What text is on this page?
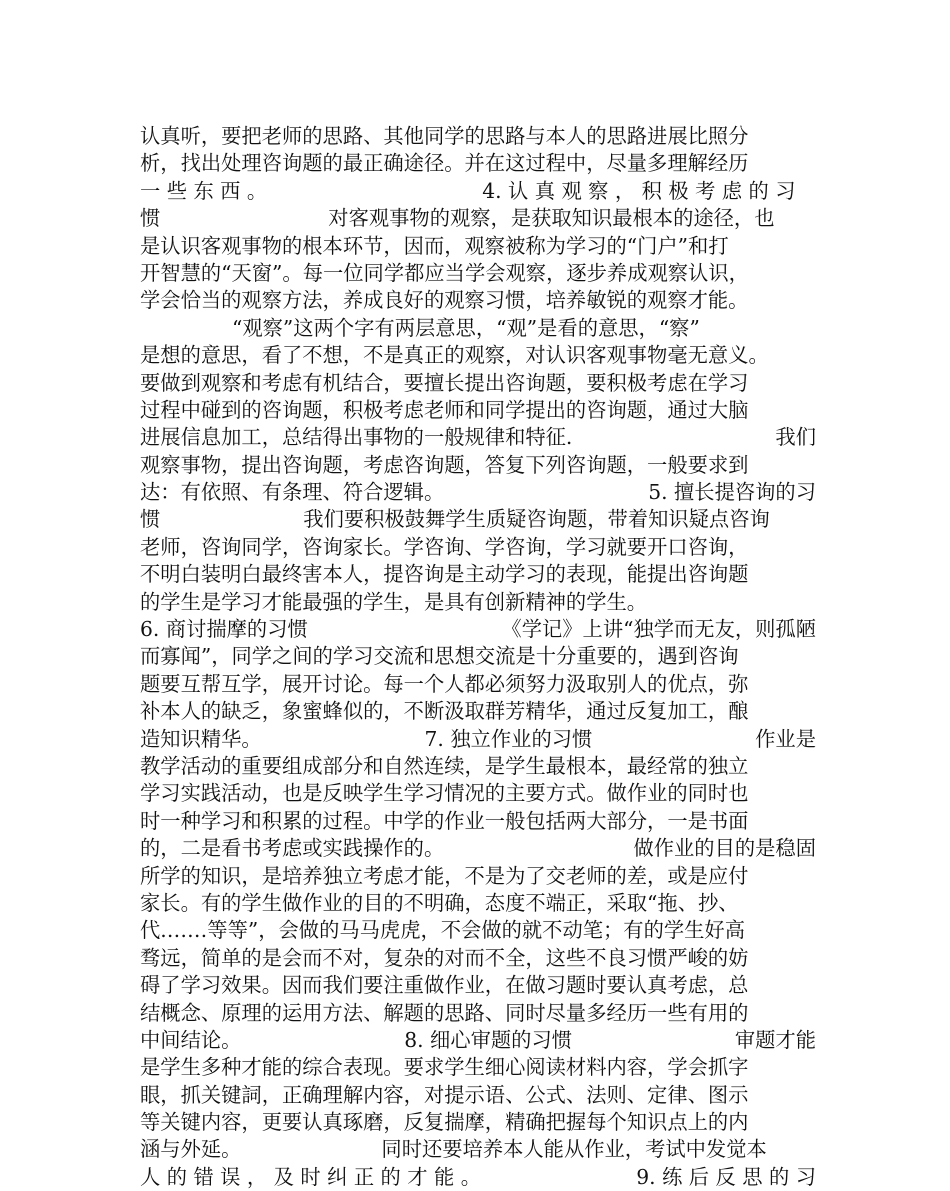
认真听，要把老师的思路、其他同学的思路与本人的思路进展比照分
析，找出处理咨询题的最正确途径。并在这过程中，尽量多理解经历
一 些 东 西 。	4. 认 真 观 察 ， 积 极 考 虑 的 习
惯	对客观事物的观察，是获取知识最根本的途径，也
是认识客观事物的根本环节，因而，观察被称为学习的“门户”和打
开智慧的“天窗”。每一位同学都应当学会观察，逐步养成观察认识，
学会恰当的观察方法，养成良好的观察习惯，培养敏锐的观察才能。
“观察”这两个字有两层意思，“观”是看的意思，“察”
是想的意思，看了不想，不是真正的观察，对认识客观事物毫无意义。
要做到观察和考虑有机结合，要擅长提出咨询题，要积极考虑在学习
过程中碰到的咨询题，积极考虑老师和同学提出的咨询题，通过大脑
进展信息加工，总结得出事物的一般规律和特征.	我们
观察事物，提出咨询题，考虑咨询题，答复下列咨询题，一般要求到
达：有依照、有条理、符合逻辑。	5. 擅长提咨询的习
惯	我们要积极鼓舞学生质疑咨询题，带着知识疑点咨询
老师，咨询同学，咨询家长。学咨询、学咨询，学习就要开口咨询，
不明白装明白最终害本人，提咨询是主动学习的表现，能提出咨询题
的学生是学习才能最强的学生，是具有创新精神的学生。
6. 商讨揣摩的习惯	《学记》上讲“独学而无友，则孤陋
而寡闻”，同学之间的学习交流和思想交流是十分重要的，遇到咨询
题要互帮互学，展开讨论。每一个人都必须努力汲取别人的优点，弥
补本人的缺乏，象蜜蜂似的，不断汲取群芳精华，通过反复加工，酿
造知识精华。	7. 独立作业的习惯	作业是
教学活动的重要组成部分和自然连续，是学生最根本，最经常的独立
学习实践活动，也是反映学生学习情况的主要方式。做作业的同时也
时一种学习和积累的过程。中学的作业一般包括两大部分，一是书面
的，二是看书考虑或实践操作的。	做作业的目的是稳固
所学的知识，是培养独立考虑才能，不是为了交老师的差，或是应付
家长。有的学生做作业的目的不明确，态度不端正，采取“拖、抄、
代.……等等”，会做的马马虎虎，不会做的就不动笔；有的学生好高
骛远，简单的是会而不对，复杂的对而不全，这些不良习惯严峻的妨
碍了学习效果。因而我们要注重做作业，在做习题时要认真考虑，总
结概念、原理的运用方法、解题的思路、同时尽量多经历一些有用的
中间结论。	8. 细心审题的习惯	审题才能
是学生多种才能的综合表现。要求学生细心阅读材料内容，学会抓字
眼，抓关键詞，正确理解内容，对提示语、公式、法则、定律、图示
等关键内容，更要认真琢磨，反复揣摩，精确把握每个知识点上的内
涵与外延。	同时还要培养本人能从作业，考试中发觉本
人 的 错 误 ， 及 时 纠 正 的 才 能 。	9. 练 后 反 思 的 习
